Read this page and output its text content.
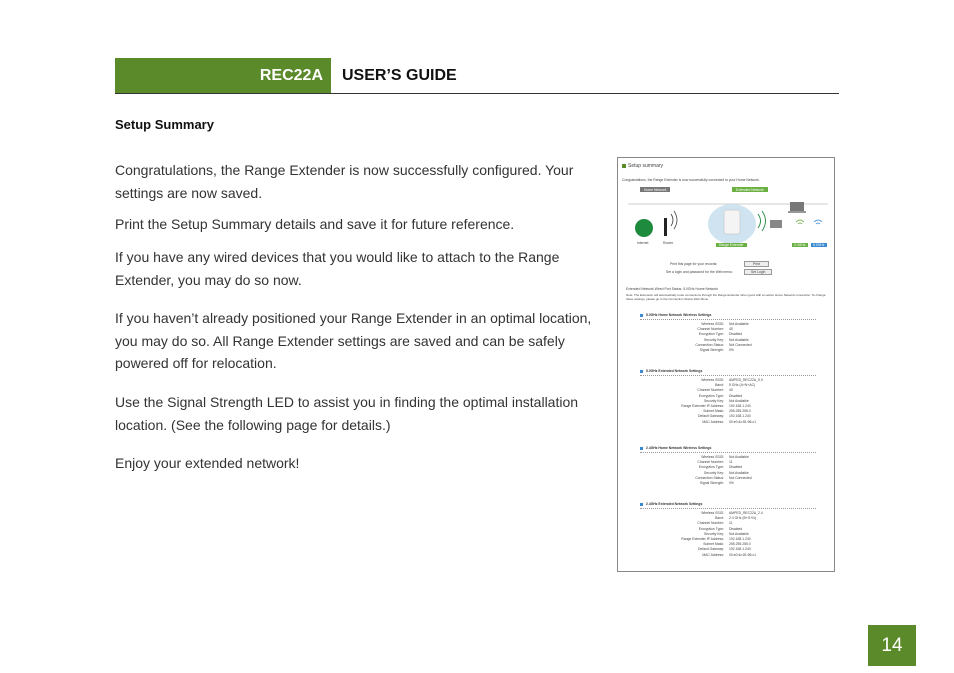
REC22A USER’S GUIDE
Setup Summary
Congratulations, the Range Extender is now successfully configured. Your settings are now saved.
Print the Setup Summary details and save it for future reference.
If you have any wired devices that you would like to attach to the Range Extender, you may do so now.
If you haven’t already positioned your Range Extender in an optimal location, you may do so. All Range Extender settings are saved and can be safely powered off for relocation.
Use the Signal Strength LED to assist you in finding the optimal installation location. (See the following page for details.)
Enjoy your extended network!
Setup summary
Congratulations, the Range Extender is now successfully connected to your Home Network.
Home Network	Extended Network
Internet	Router	Range Extender	2.4GHz	5.0GHz
Print this page for your records:	Print
Set a login and password for the Web menu:	Set Login
Extended Network Wired Port Status: 5.0GHz Home Network
Note: The Extension will automatically route connections through the Range Extender when good with an active Home Network connection. To change these settings, please go to the Connection Status Web Menu.
5.0GHz Home Network Wireless Settings
Wireless SSID: Not Available
Channel Number: 40
Encryption Type: Disabled
Security Key: Not Available
Connection Status: Not Connected
Signal Strength: 0%
5.0GHz Extended Network Settings
Wireless SSID: AMPED_REC22A_5.0
Band: 5 GHz (A+N+AC)
Channel Number: 40
Encryption Type: Disabled
Security Key: Not Available
Range Extender IP Address: 192.168.1.240
Subnet Mask: 255.255.255.0
Default Gateway: 192.168.1.240
MAC Address: 00:e0:4c:81:96:c1
2.4GHz Home Network Wireless Settings
Wireless SSID: Not Available
Channel Number: 11
Encryption Type: Disabled
Security Key: Not Available
Connection Status: Not Connected
Signal Strength: 0%
2.4GHz Extended Network Settings
Wireless SSID: AMPED_REC22A_2.4
Band: 2.4 GHz (B+G+N)
Channel Number: 11
Encryption Type: Disabled
Security Key: Not Available
Range Extender IP Address: 192.168.1.240
Subnet Mask: 255.255.255.0
Default Gateway: 192.168.1.240
MAC Address: 00:e0:4c:81:96:c1
14
